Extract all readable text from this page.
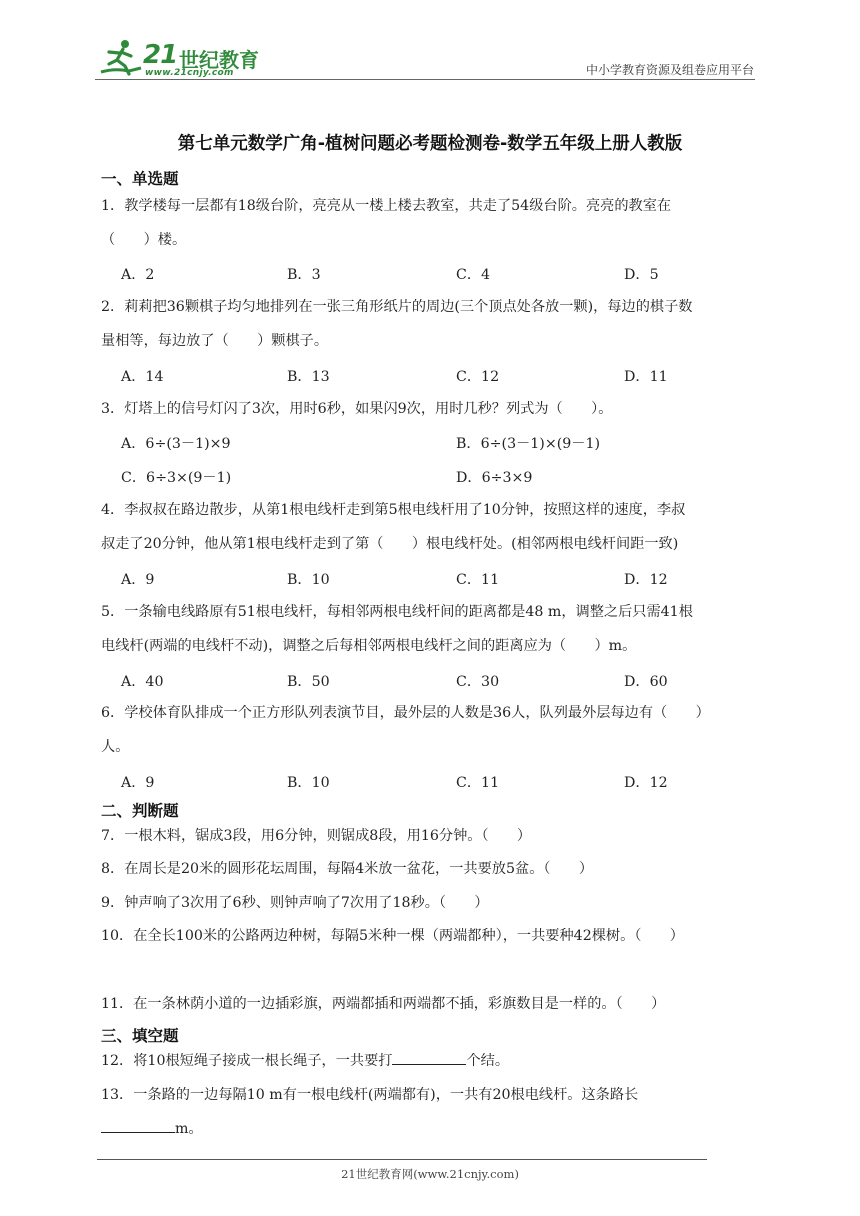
21 世纪教育
www.21cnjy.com	中小学教育资源及组卷应用平台
第七单元数学广角-植树问题必考题检测卷-数学五年级上册人教版
一、单选题
1．教学楼每一层都有18级台阶，亮亮从一楼上楼去教室，共走了54级台阶。亮亮的教室在
（　　）楼。
A．2	B．3	C．4	D．5
2．莉莉把36颗棋子均匀地排列在一张三角形纸片的周边(三个顶点处各放一颗)，每边的棋子数
量相等，每边放了（　　）颗棋子。
A．14	B．13	C．12	D．11
3．灯塔上的信号灯闪了3次，用时6秒，如果闪9次，用时几秒？列式为（　　）。
A．6÷(3－1)×9	B．6÷(3－1)×(9－1)
C．6÷3×(9－1)	D．6÷3×9
4．李叔叔在路边散步，从第1根电线杆走到第5根电线杆用了10分钟，按照这样的速度，李叔
叔走了20分钟，他从第1根电线杆走到了第（　　）根电线杆处。(相邻两根电线杆间距一致)
A．9	B．10	C．11	D．12
5．一条输电线路原有51根电线杆，每相邻两根电线杆间的距离都是48 m，调整之后只需41根
电线杆(两端的电线杆不动)，调整之后每相邻两根电线杆之间的距离应为（　　）m。
A．40	B．50	C．30	D．60
6．学校体育队排成一个正方形队列表演节目，最外层的人数是36人，队列最外层每边有（　　）
人。
A．9	B．10	C．11	D．12
二、判断题
7．一根木料，锯成3段，用6分钟，则锯成8段，用16分钟。（　　）
8．在周长是20米的圆形花坛周围，每隔4米放一盆花，一共要放5盆。（　　）
9．钟声响了3次用了6秒、则钟声响了7次用了18秒。（　　）
10．在全长100米的公路两边种树，每隔5米种一棵（两端都种），一共要种42棵树。（　　）
11．在一条林荫小道的一边插彩旗，两端都插和两端都不插，彩旗数目是一样的。（　　）
三、填空题
12．将10根短绳子接成一根长绳子，一共要打	个结。
13．一条路的一边每隔10 m有一根电线杆(两端都有)，一共有20根电线杆。这条路长
m。
21世纪教育网(www.21cnjy.com)
